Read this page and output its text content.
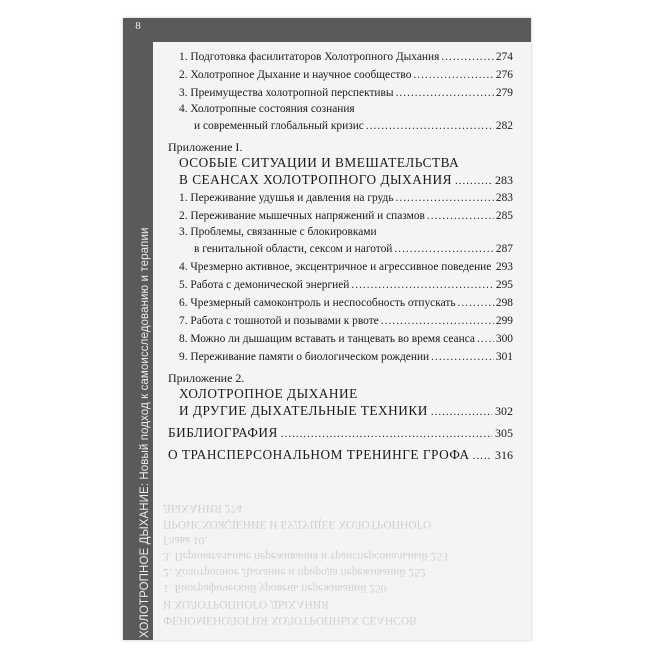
8
ХОЛОТРОПНОЕ ДЫХАНИЕ: Новый подход к самоисследованию и терапии ФЕНОМЕНОЛОГИЯ ХОЛОТРОПНЫХ СЕАНСОВ
И ХОЛОТРОПНОГО ДЫХАНИЯ
1. Биографический уровень переживаний 250
2. Холотропное Дыхание и природа переживаний 252
3. Перинатальные переживания и трансперсональный 253
Глава 10.
ПРОИСХОЖДЕНИЕ И БУДУЩЕЕ ХОЛОТРОПНОГО
ДЫХАНИЯ 274
1. Подготовка фасилитаторов Холотропного Дыхания .....	274
2. Холотропное Дыхание и научное сообщество .....	276
3. Преимущества холотропной перспективы .....	279
4. Холотропные состояния сознания
и современный глобальный кризис .....	282
Приложение I.
ОСОБЫЕ СИТУАЦИИ И ВМЕШАТЕЛЬСТВА
В СЕАНСАХ ХОЛОТРОПНОГО ДЫХАНИЯ .....	283
1. Переживание удушья и давления на грудь .....	283
2. Переживание мышечных напряжений и спазмов .....	285
3. Проблемы, связанные с блокировками
в генитальной области, сексом и наготой .....	287
4. Чрезмерно активное, эксцентричное и агрессивное поведение ..... 293
5. Работа с демонической энергией .....	295
6. Чрезмерный самоконтроль и неспособность отпускать .....	298
7. Работа с тошнотой и позывами к рвоте .....	299
8. Можно ли дышащим вставать и танцевать во время сеанса ..... 300
9. Переживание памяти о биологическом рождении .....	301
Приложение 2.
ХОЛОТРОПНОЕ ДЫХАНИЕ
И ДРУГИЕ ДЫХАТЕЛЬНЫЕ ТЕХНИКИ .....	302
БИБЛИОГРАФИЯ .....	305
О ТРАНСПЕРСОНАЛЬНОМ ТРЕНИНГЕ ГРОФА ..... 316
